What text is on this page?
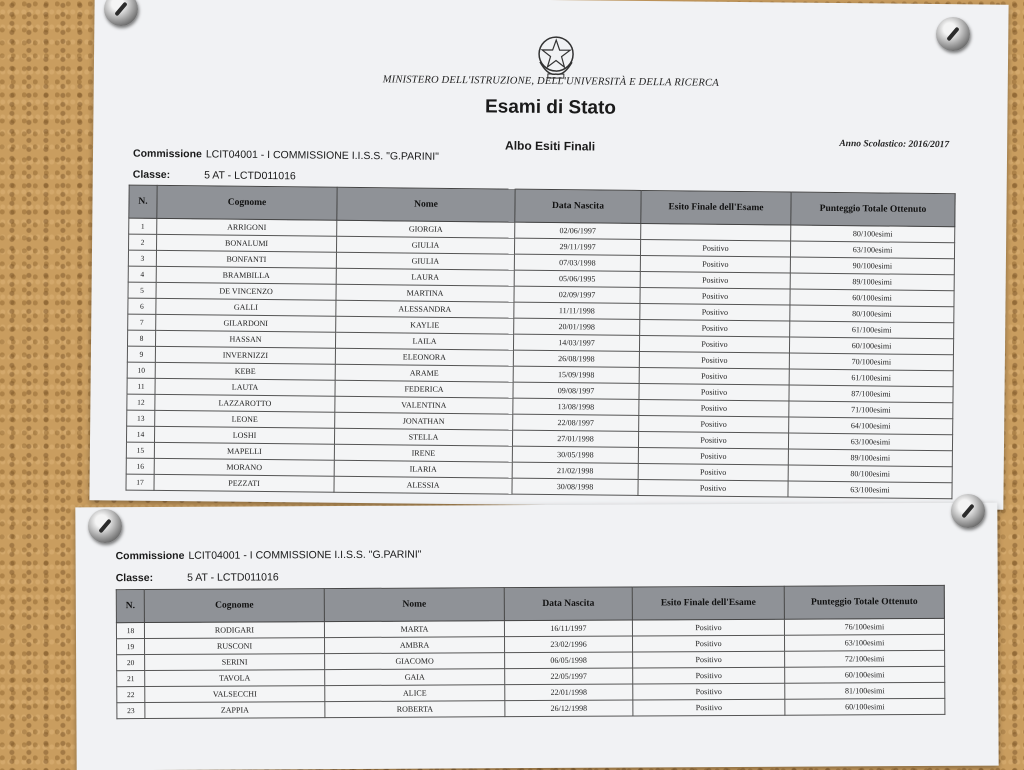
MINISTERO DELL'ISTRUZIONE, DELL'UNIVERSITÀ E DELLA RICERCA
Esami di Stato
Albo Esiti Finali	Anno Scolastico: 2016/2017
Commissione LCIT04001 - I COMMISSIONE I.I.S.S. "G.PARINI"
Classe:	5 AT - LCTD011016
N.	Cognome	Nome	Data Nascita	Esito Finale dell'Esame	Punteggio Totale Ottenuto
1	ARRIGONI	GIORGIA	02/06/1997		80/100esimi
2	BONALUMI	GIULIA	29/11/1997	Positivo	63/100esimi
3	BONFANTI	GIULIA	07/03/1998	Positivo	90/100esimi
4	BRAMBILLA	LAURA	05/06/1995	Positivo	89/100esimi
5	DE VINCENZO	MARTINA	02/09/1997	Positivo	60/100esimi
6	GALLI	ALESSANDRA	11/11/1998	Positivo	80/100esimi
7	GILARDONI	KAYLIE	20/01/1998	Positivo	61/100esimi
8	HASSAN	LAILA	14/03/1997	Positivo	60/100esimi
9	INVERNIZZI	ELEONORA	26/08/1998	Positivo	70/100esimi
10	KEBE	ARAME	15/09/1998	Positivo	61/100esimi
11	LAUTA	FEDERICA	09/08/1997	Positivo	87/100esimi
12	LAZZAROTTO	VALENTINA	13/08/1998	Positivo	71/100esimi
13	LEONE	JONATHAN	22/08/1997	Positivo	64/100esimi
14	LOSHI	STELLA	27/01/1998	Positivo	63/100esimi
15	MAPELLI	IRENE	30/05/1998	Positivo	89/100esimi
16	MORANO	ILARIA	21/02/1998	Positivo	80/100esimi
17	PEZZATI	ALESSIA	30/08/1998	Positivo	63/100esimi
Commissione LCIT04001 - I COMMISSIONE I.I.S.S. "G.PARINI"
Classe:	5 AT - LCTD011016
N.	Cognome	Nome	Data Nascita	Esito Finale dell'Esame	Punteggio Totale Ottenuto
18	RODIGARI	MARTA	16/11/1997	Positivo	76/100esimi
19	RUSCONI	AMBRA	23/02/1996	Positivo	63/100esimi
20	SERINI	GIACOMO	06/05/1998	Positivo	72/100esimi
21	TAVOLA	GAIA	22/05/1997	Positivo	60/100esimi
22	VALSECCHI	ALICE	22/01/1998	Positivo	81/100esimi
23	ZAPPIA	ROBERTA	26/12/1998	Positivo	60/100esimi
